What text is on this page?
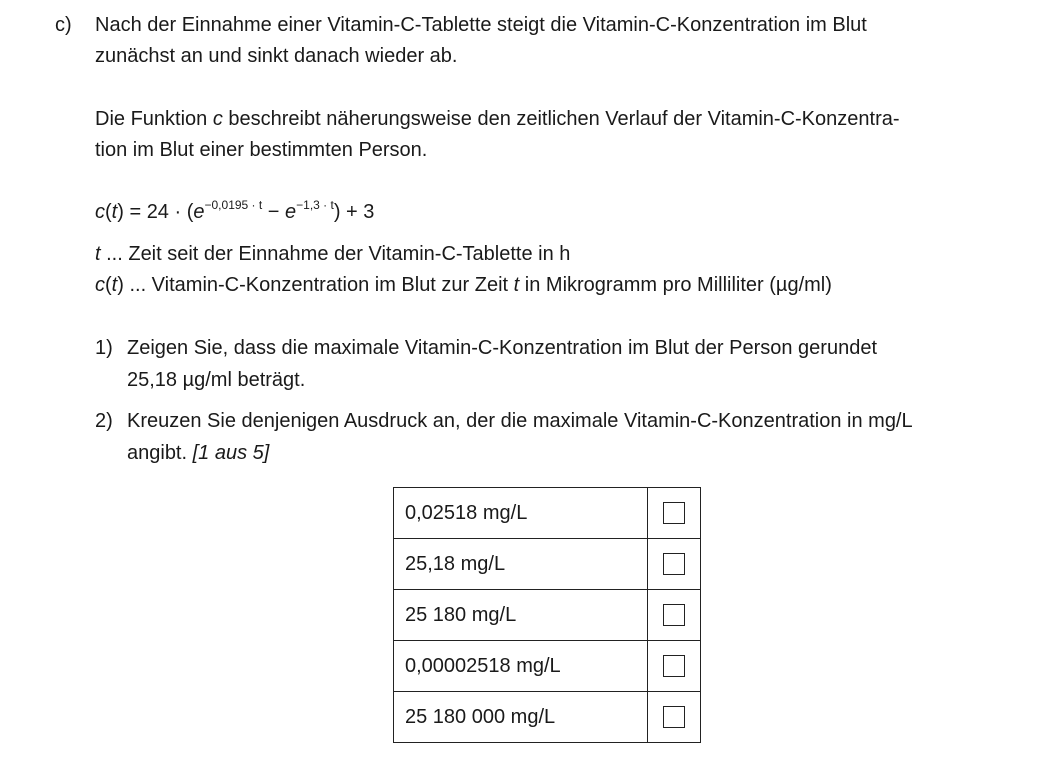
c) Nach der Einnahme einer Vitamin-C-Tablette steigt die Vitamin-C-Konzentration im Blut
zunächst an und sinkt danach wieder ab.
Die Funktion c beschreibt näherungsweise den zeitlichen Verlauf der Vitamin-C-Konzentra-
tion im Blut einer bestimmten Person.
$c(t) = 24 \cdot (e^{-0,0195 \cdot t} - e^{-1,3 \cdot t}) + 3$
t ... Zeit seit der Einnahme der Vitamin-C-Tablette in h
c(t) ... Vitamin-C-Konzentration im Blut zur Zeit t in Mikrogramm pro Milliliter (µg/ml)
1) Zeigen Sie, dass die maximale Vitamin-C-Konzentration im Blut der Person gerundet
25,18 µg/ml beträgt.
2) Kreuzen Sie denjenigen Ausdruck an, der die maximale Vitamin-C-Konzentration in mg/L
angibt. [1 aus 5]
0,02518 mg/L	
25,18 mg/L	
25 180 mg/L	
0,00002518 mg/L	
25 180 000 mg/L	
